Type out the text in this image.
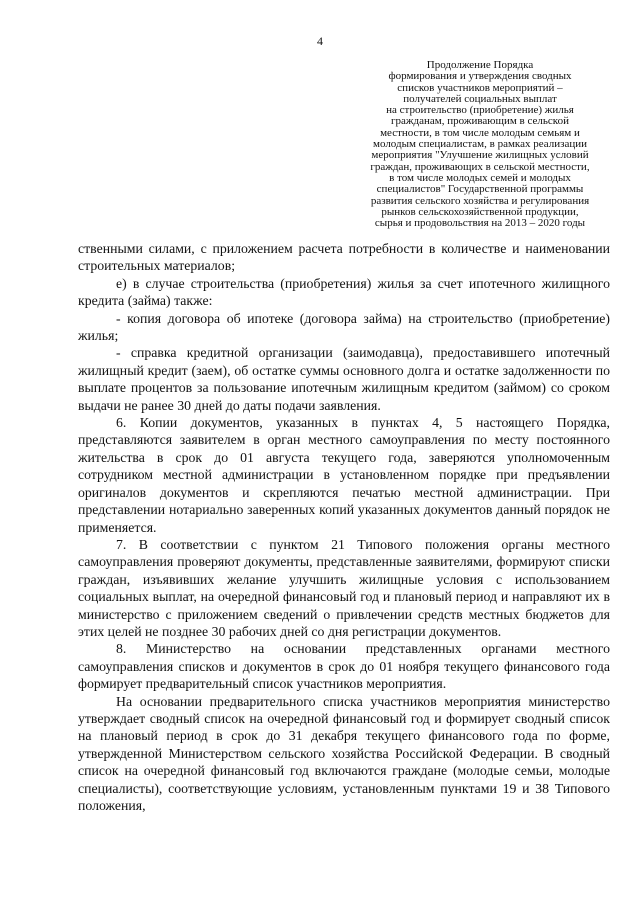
4
Продолжение Порядка
формирования и утверждения сводных
списков участников мероприятий –
получателей социальных выплат
на строительство (приобретение) жилья
гражданам, проживающим в сельской
местности, в том числе молодым семьям и
молодым специалистам, в рамках реализации
мероприятия "Улучшение жилищных условий
граждан, проживающих в сельской местности,
в том числе молодых семей и молодых
специалистов" Государственной программы
развития сельского хозяйства и регулирования
рынков сельскохозяйственной продукции,
сырья и продовольствия на 2013 – 2020 годы

ственными силами, с приложением расчета потребности в количестве и наименовании строительных материалов;

е) в случае строительства (приобретения) жилья за счет ипотечного жилищного кредита (займа) также:

- копия договора об ипотеке (договора займа) на строительство (приобретение) жилья;

- справка кредитной организации (заимодавца), предоставившего ипотечный жилищный кредит (заем), об остатке суммы основного долга и остатке задолженности по выплате процентов за пользование ипотечным жилищным кредитом (займом) со сроком выдачи не ранее 30 дней до даты подачи заявления.

6. Копии документов, указанных в пунктах 4, 5 настоящего Порядка, представляются заявителем в орган местного самоуправления по месту постоянного жительства в срок до 01 августа текущего года, заверяются уполномоченным сотрудником местной администрации в установленном порядке при предъявлении оригиналов документов и скрепляются печатью местной администрации. При представлении нотариально заверенных копий указанных документов данный порядок не применяется.

7. В соответствии с пунктом 21 Типового положения органы местного самоуправления проверяют документы, представленные заявителями, формируют списки граждан, изъявивших желание улучшить жилищные условия с использованием социальных выплат, на очередной финансовый год и плановый период и направляют их в министерство с приложением сведений о привлечении средств местных бюджетов для этих целей не позднее 30 рабочих дней со дня регистрации документов.

8. Министерство на основании представленных органами местного самоуправления списков и документов в срок до 01 ноября текущего финансового года формирует предварительный список участников мероприятия.

На основании предварительного списка участников мероприятия министерство утверждает сводный список на очередной финансовый год и формирует сводный список на плановый период в срок до 31 декабря текущего финансового года по форме, утвержденной Министерством сельского хозяйства Российской Федерации. В сводный список на очередной финансовый год включаются граждане (молодые семьи, молодые специалисты), соответствующие условиям, установленным пунктами 19 и 38 Типового положения,
